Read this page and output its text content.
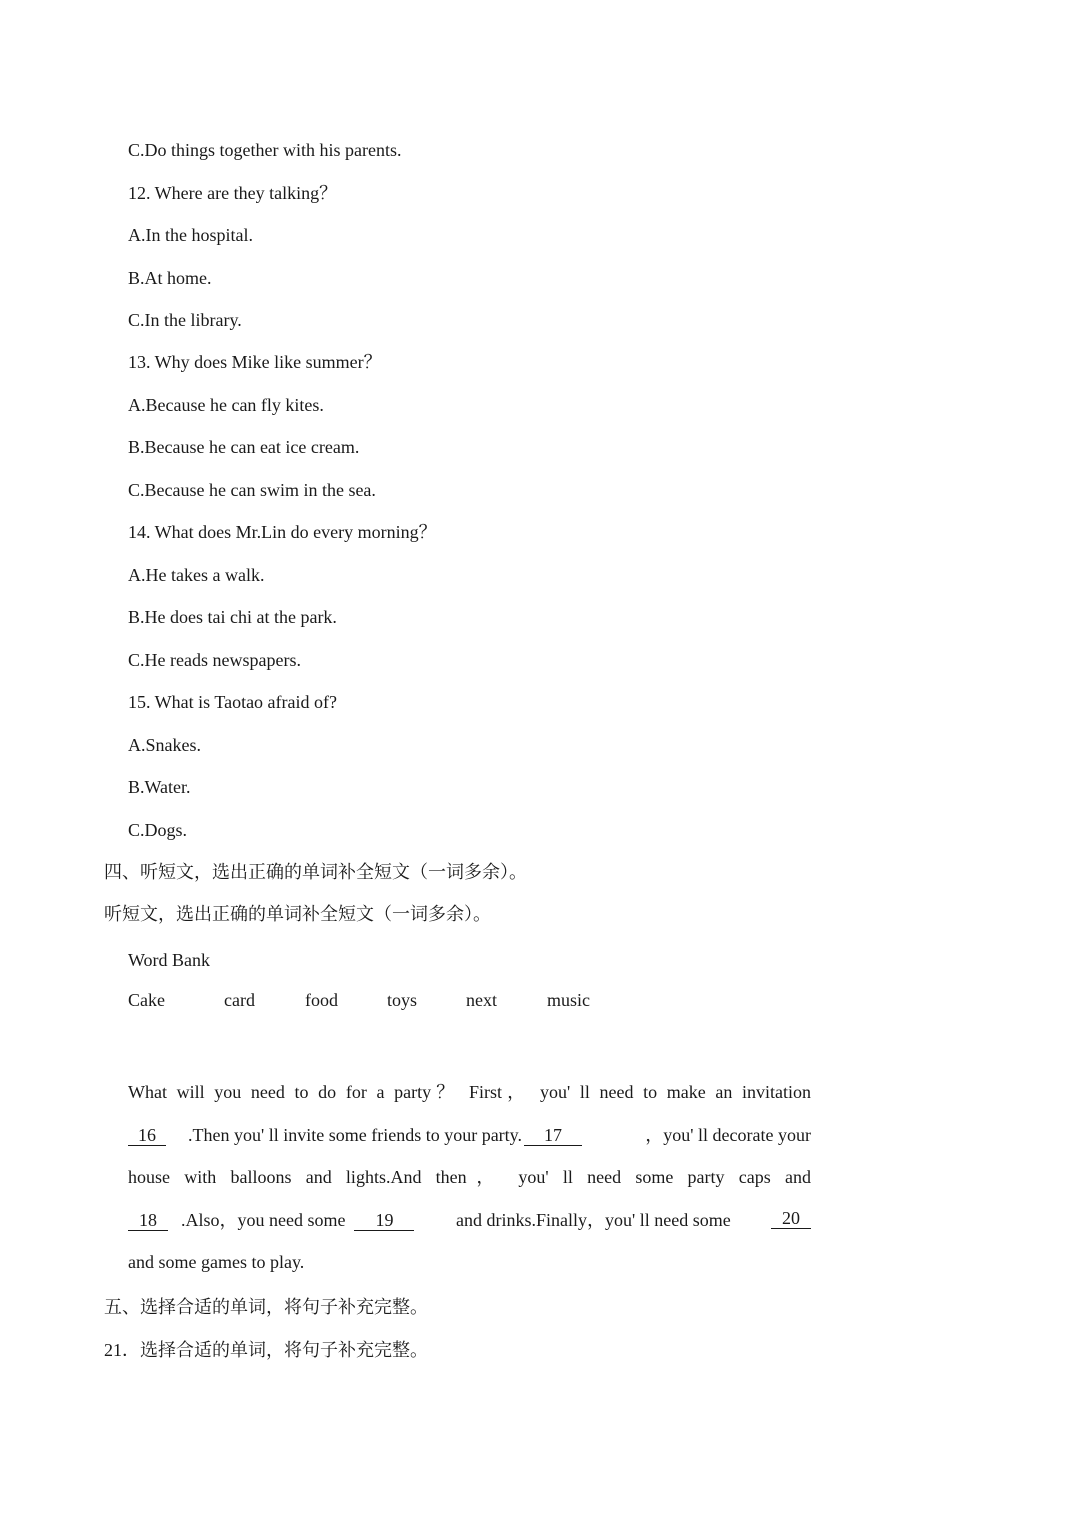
C.Do things together with his parents.
12. Where are they talking？
A.In the hospital.
B.At home.
C.In the library.
13. Why does Mike like summer？
A.Because he can fly kites.
B.Because he can eat ice cream.
C.Because he can swim in the sea.
14. What does Mr.Lin do every morning？
A.He takes a walk.
B.He does tai chi at the park.
C.He reads newspapers.
15. What is Taotao afraid of?
A.Snakes.
B.Water.
C.Dogs.
四、听短文，选出正确的单词补全短文（一词多余）。
听短文，选出正确的单词补全短文（一词多余）。
Word Bank
Cake	card	food	toys	next	music
What will you need to do for a party？ First， you' ll need to make an invitation
16 .Then you' ll invite some friends to your party. 17	，you' ll decorate your
house with balloons and lights.And then， you' ll need some party caps and
18 .Also，you need some 19	and drinks.Finally，you' ll need some	20
and some games to play.
五、选择合适的单词，将句子补充完整。
21．选择合适的单词，将句子补充完整。
